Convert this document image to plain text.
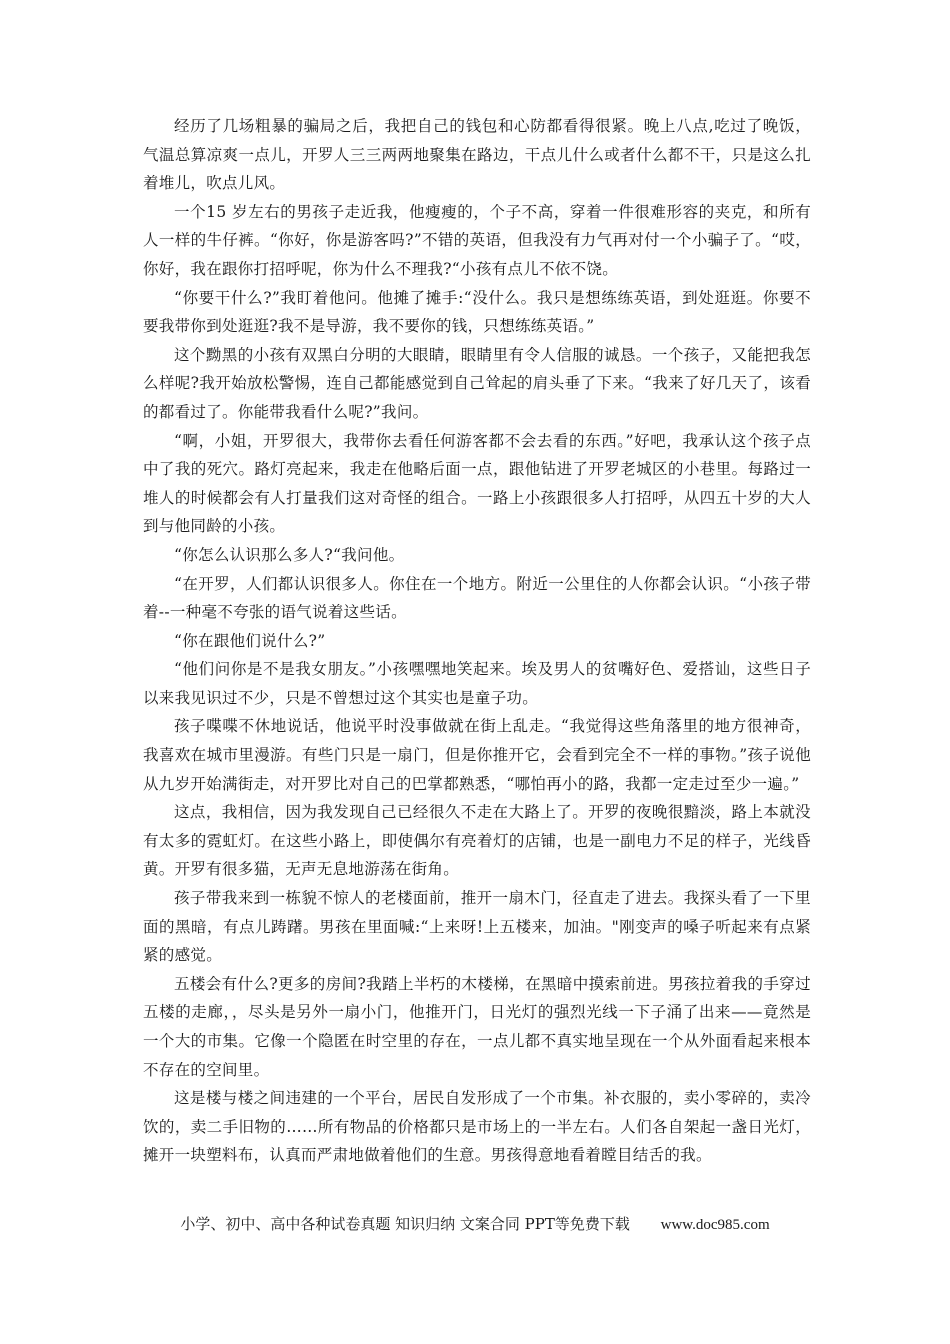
经历了几场粗暴的骗局之后，我把自己的钱包和心防都看得很紧。晚上八点,吃过了晚饭，气温总算凉爽一点儿，开罗人三三两两地聚集在路边，干点儿什么或者什么都不干，只是这么扎着堆儿，吹点儿风。

一个15 岁左右的男孩子走近我，他瘦瘦的，个子不高，穿着一件很难形容的夹克，和所有人一样的牛仔裤。“你好，你是游客吗?”不错的英语，但我没有力气再对付一个小骗子了。“哎，你好，我在跟你打招呼呢，你为什么不理我?“小孩有点儿不依不饶。

“你要干什么?”我盯着他问。他摊了摊手:“没什么。我只是想练练英语，到处逛逛。你要不要我带你到处逛逛?我不是导游，我不要你的钱，只想练练英语。”

这个黝黑的小孩有双黑白分明的大眼睛，眼睛里有令人信服的诚恳。一个孩子，又能把我怎么样呢?我开始放松警惕，连自己都能感觉到自己耸起的肩头垂了下来。“我来了好几天了，该看的都看过了。你能带我看什么呢?”我问。

“啊，小姐，开罗很大，我带你去看任何游客都不会去看的东西。”好吧，我承认这个孩子点中了我的死穴。路灯亮起来，我走在他略后面一点，跟他钻进了开罗老城区的小巷里。每路过一堆人的时候都会有人打量我们这对奇怪的组合。一路上小孩跟很多人打招呼，从四五十岁的大人到与他同龄的小孩。

“你怎么认识那么多人?“我问他。

“在开罗，人们都认识很多人。你住在一个地方。附近一公里住的人你都会认识。“小孩子带着--一种毫不夸张的语气说着这些话。

“你在跟他们说什么?”

“他们问你是不是我女朋友。”小孩嘿嘿地笑起来。埃及男人的贫嘴好色、爱搭讪，这些日子以来我见识过不少，只是不曾想过这个其实也是童子功。

孩子喋喋不休地说话，他说平时没事做就在街上乱走。“我觉得这些角落里的地方很神奇，我喜欢在城市里漫游。有些门只是一扇门，但是你推开它，会看到完全不一样的事物。”孩子说他从九岁开始满街走，对开罗比对自己的巴掌都熟悉，“哪怕再小的路，我都一定走过至少一遍。”

这点，我相信，因为我发现自己已经很久不走在大路上了。开罗的夜晚很黯淡，路上本就没有太多的霓虹灯。在这些小路上，即使偶尔有亮着灯的店铺，也是一副电力不足的样子，光线昏黄。开罗有很多猫，无声无息地游荡在街角。

孩子带我来到一栋貌不惊人的老楼面前，推开一扇木门，径直走了进去。我探头看了一下里面的黑暗，有点儿踌躇。男孩在里面喊:“上来呀!上五楼来，加油。"刚变声的嗓子听起来有点紧紧的感觉。

五楼会有什么?更多的房间?我踏上半朽的木楼梯，在黑暗中摸索前进。男孩拉着我的手穿过五楼的走廊，，尽头是另外一扇小门，他推开门，日光灯的强烈光线一下子涌了出来——竟然是一个大的市集。它像一个隐匿在时空里的存在，一点儿都不真实地呈现在一个从外面看起来根本不存在的空间里。

这是楼与楼之间违建的一个平台，居民自发形成了一个市集。补衣服的，卖小零碎的，卖冷饮的，卖二手旧物的……所有物品的价格都只是市场上的一半左右。人们各自架起一盏日光灯，摊开一块塑料布，认真而严肃地做着他们的生意。男孩得意地看着瞠目结舌的我。

小学、初中、高中各种试卷真题 知识归纳 文案合同 PPT等免费下载 www.doc985.com
